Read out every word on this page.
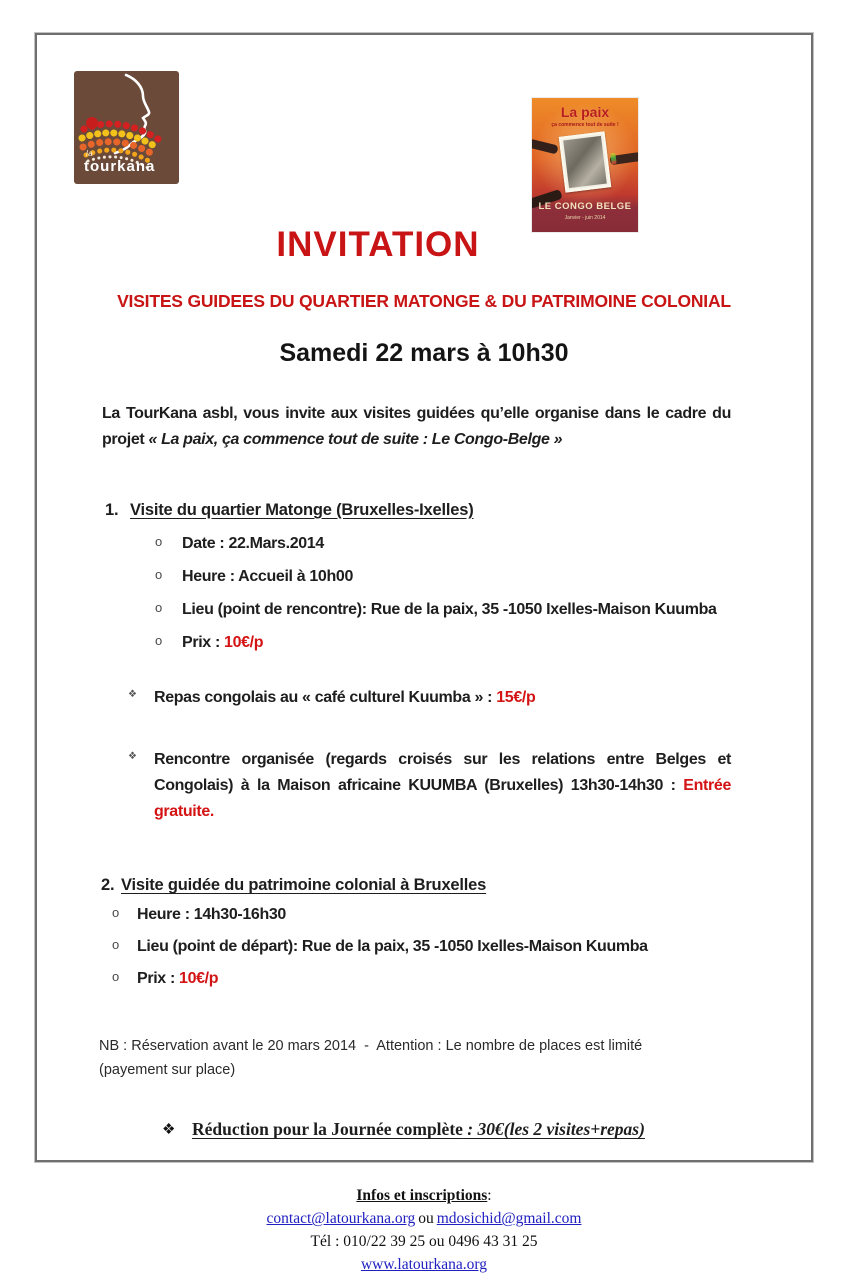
la
tourkana
La paix
ça commence tout de suite !
LE CONGO BELGE
Janvier - juin 2014
INVITATION
VISITES GUIDEES DU QUARTIER MATONGE & DU PATRIMOINE COLONIAL
Samedi 22 mars à 10h30

La TourKana asbl, vous invite aux visites guidées qu’elle organise dans le cadre du projet « La paix, ça commence tout de suite : Le Congo-Belge »

1. Visite du quartier Matonge (Bruxelles-Ixelles)
o Date : 22.Mars.2014
o Heure : Accueil à 10h00
o Lieu (point de rencontre): Rue de la paix, 35 -1050 Ixelles-Maison Kuumba
o Prix : 10€/p
❖ Repas congolais au « café culturel Kuumba » : 15€/p
❖ Rencontre organisée (regards croisés sur les relations entre Belges et Congolais) à la Maison africaine KUUMBA (Bruxelles) 13h30-14h30 : Entrée gratuite.
2. Visite guidée du patrimoine colonial à Bruxelles
o Heure : 14h30-16h30
o Lieu (point de départ): Rue de la paix, 35 -1050 Ixelles-Maison Kuumba
o Prix : 10€/p
NB : Réservation avant le 20 mars 2014  -  Attention : Le nombre de places est limité
(payement sur place)
❖ Réduction pour la Journée complète : 30€(les 2 visites+repas)
Infos et inscriptions:
contact@latourkana.org ou mdosichid@gmail.com
Tél : 010/22 39 25 ou 0496 43 31 25
www.latourkana.org
